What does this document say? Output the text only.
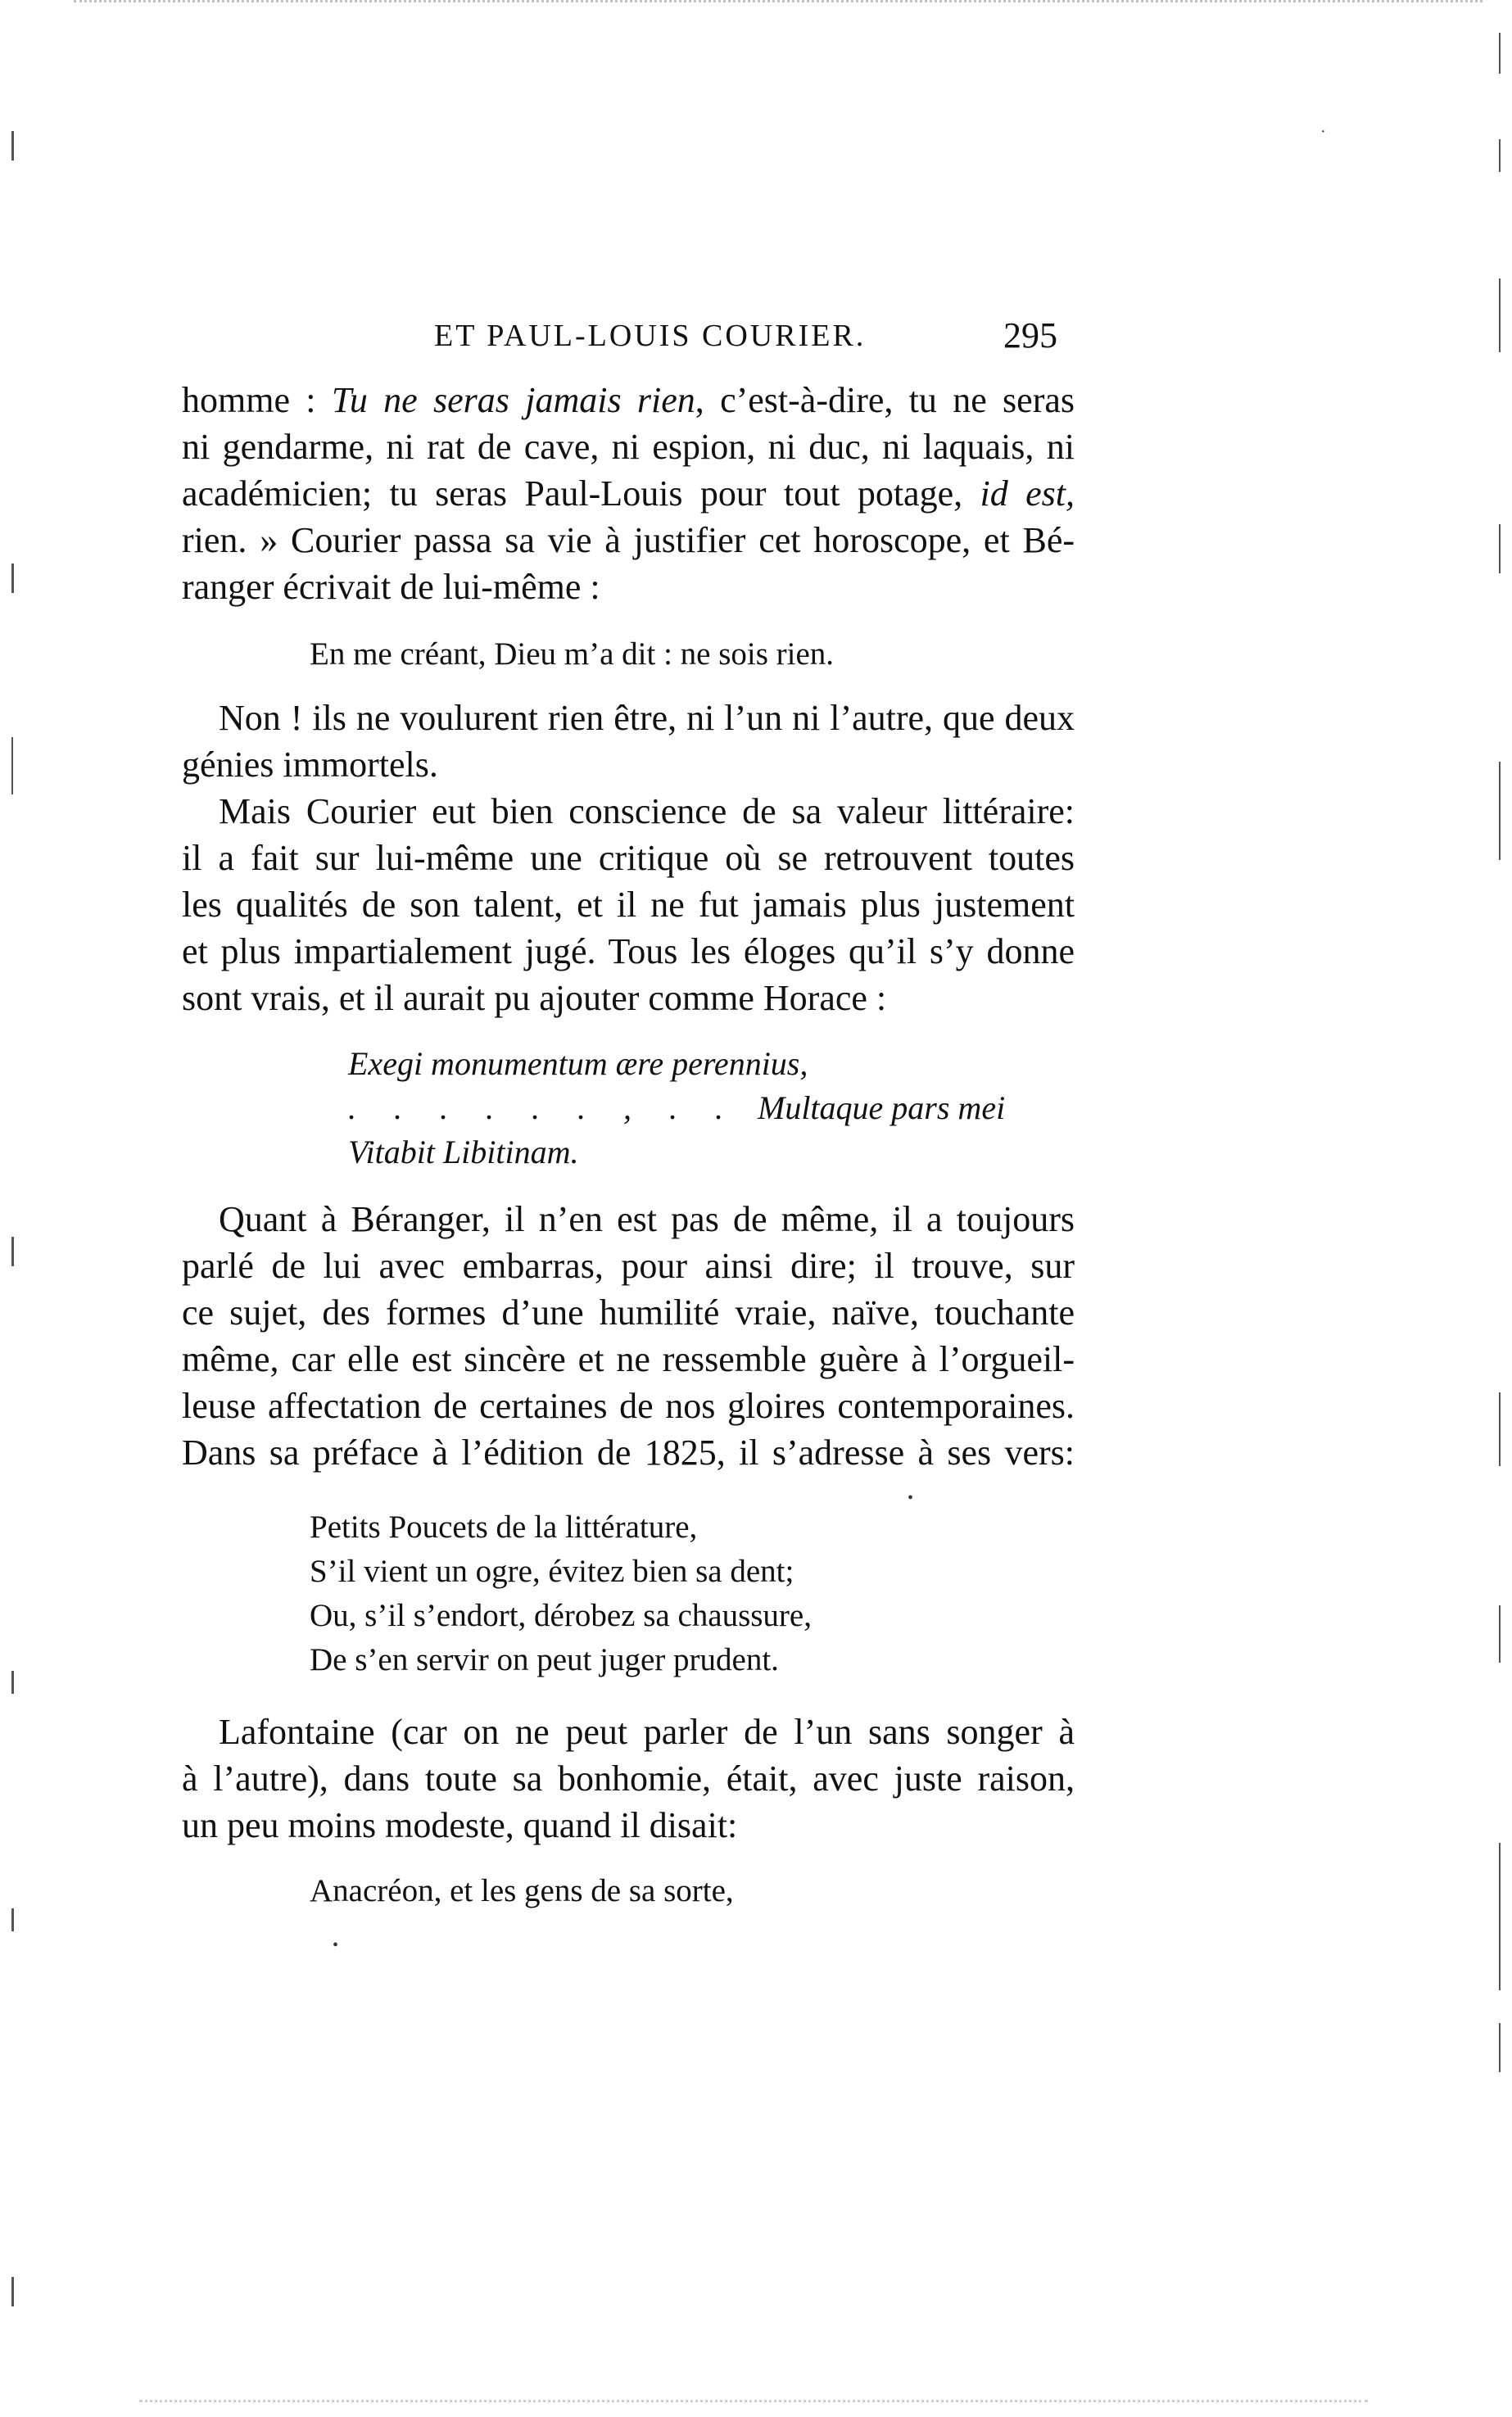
ET PAUL-LOUIS COURIER.	295
homme : Tu ne seras jamais rien, c’est-à-dire, tu ne seras
ni gendarme, ni rat de cave, ni espion, ni duc, ni laquais, ni
académicien; tu seras Paul-Louis pour tout potage, id est,
rien. » Courier passa sa vie à justifier cet horoscope, et Bé-
ranger écrivait de lui-même :
En me créant, Dieu m’a dit : ne sois rien.
Non ! ils ne voulurent rien être, ni l’un ni l’autre, que deux
génies immortels.
Mais Courier eut bien conscience de sa valeur littéraire:
il a fait sur lui-même une critique où se retrouvent toutes
les qualités de son talent, et il ne fut jamais plus justement
et plus impartialement jugé. Tous les éloges qu’il s’y donne
sont vrais, et il aurait pu ajouter comme Horace :
Exegi monumentum ære perennius,
. . . . . . , . . Multaque pars mei
Vitabit Libitinam.
Quant à Béranger, il n’en est pas de même, il a toujours
parlé de lui avec embarras, pour ainsi dire; il trouve, sur
ce sujet, des formes d’une humilité vraie, naïve, touchante
même, car elle est sincère et ne ressemble guère à l’orgueil-
leuse affectation de certaines de nos gloires contemporaines.
Dans sa préface à l’édition de 1825, il s’adresse à ses vers:
Petits Poucets de la littérature,
S’il vient un ogre, évitez bien sa dent;
Ou, s’il s’endort, dérobez sa chaussure,
De s’en servir on peut juger prudent.
Lafontaine (car on ne peut parler de l’un sans songer à
à l’autre), dans toute sa bonhomie, était, avec juste raison,
un peu moins modeste, quand il disait:
Anacréon, et les gens de sa sorte,
•
•
·
